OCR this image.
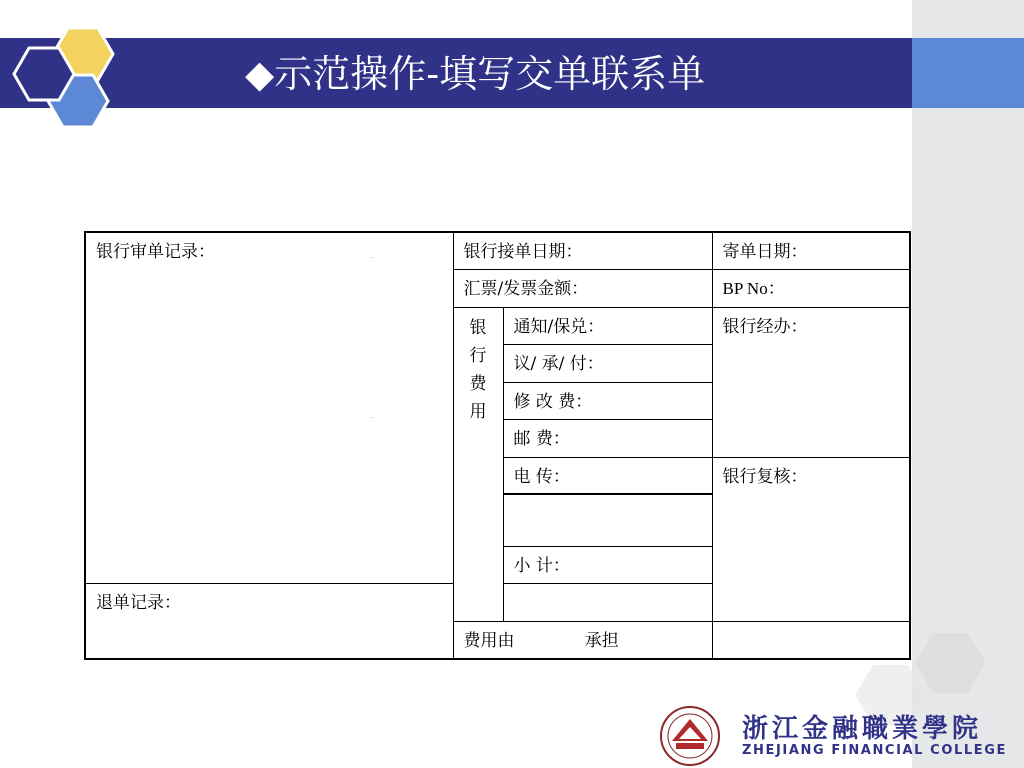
◆示范操作-填写交单联系单
银行审单记录： .
.	银行接单日期：		寄单日期：
	汇票/发票金额：		BP No：
	银行费用	通知/保兑：	银行经办：
		议/ 承/ 付：	
		修 改 费：	
		邮 费：	
		电 传：	银行复核：

		小 计：	
退单记录：			
	费用由             承担		
浙江金融職業學院
ZHEJIANG FINANCIAL COLLEGE
